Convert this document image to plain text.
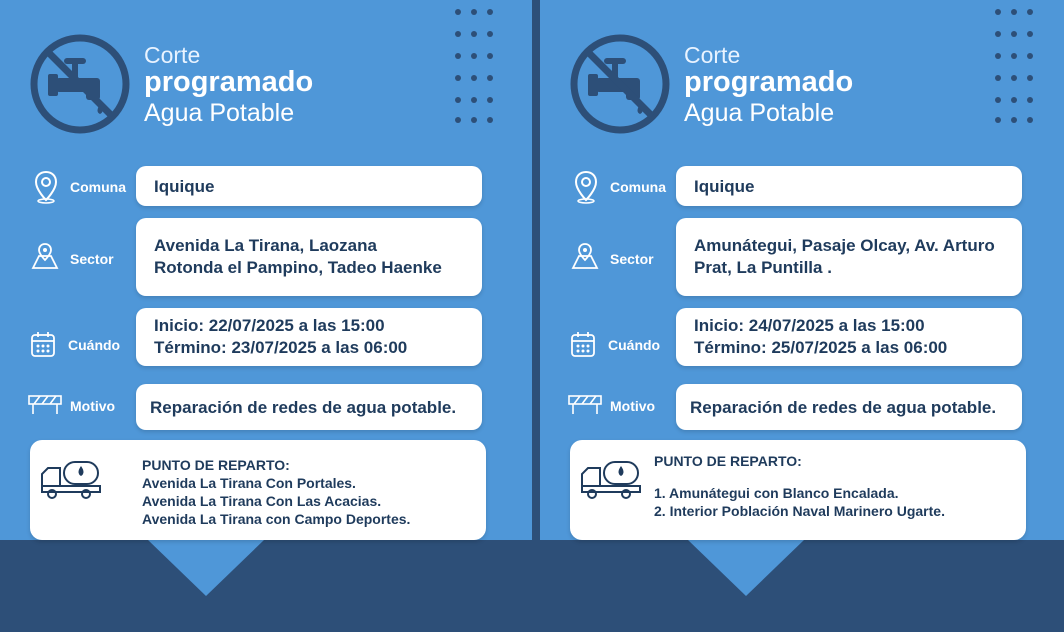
Corte
programado
Agua Potable
Comuna Iquique
Sector
Avenida La Tirana, Laozana
Rotonda el Pampino, Tadeo Haenke
Cuándo
Inicio: 22/07/2025 a las 15:00
Término: 23/07/2025 a las 06:00
Motivo Reparación de redes de agua potable.
PUNTO DE REPARTO:
Avenida La Tirana Con Portales.
Avenida La Tirana Con Las Acacias.
Avenida La Tirana con Campo Deportes.
Corte
programado
Agua Potable
Comuna Iquique
Sector
Amunátegui, Pasaje Olcay, Av. Arturo
Prat, La Puntilla .
Cuándo
Inicio: 24/07/2025 a las 15:00
Término: 25/07/2025 a las 06:00
Motivo Reparación de redes de agua potable.
PUNTO DE REPARTO:
1. Amunátegui con Blanco Encalada.
2. Interior Población Naval Marinero Ugarte.
